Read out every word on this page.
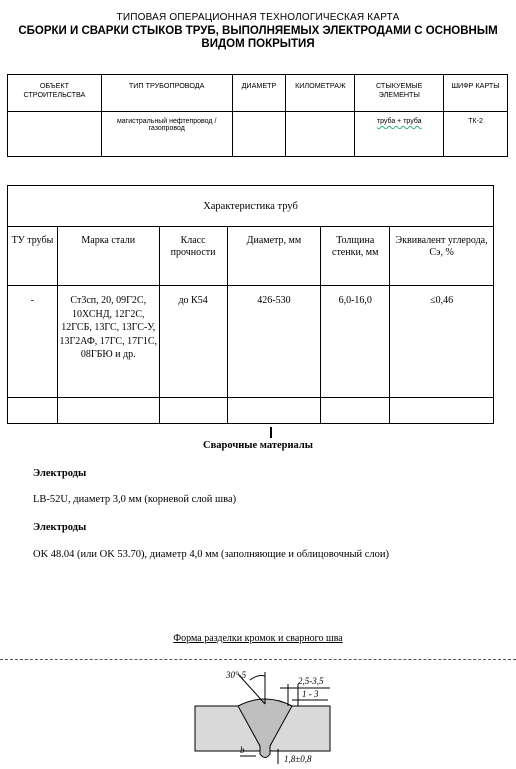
ТИПОВАЯ ОПЕРАЦИОННАЯ ТЕХНОЛОГИЧЕСКАЯ КАРТА
СБОРКИ И СВАРКИ СТЫКОВ ТРУБ, ВЫПОЛНЯЕМЫХ ЭЛЕКТРОДАМИ С ОСНОВНЫМ
ВИДОМ ПОКРЫТИЯ
ОБЪЕКТ СТРОИТЕЛЬСТВА	ТИП ТРУБОПРОВОДА	ДИАМЕТР	КИЛОМЕТРАЖ	СТЫКУЕМЫЕ ЭЛЕМЕНТЫ	ШИФР КАРТЫ
	магистральный нефтепровод /газопровод			труба + труба	ТК-2
Характеристика труб					
ТУ трубы	Марка стали	Класс прочности	Диаметр, мм	Толщина стенки, мм	Эквивалент углерода, Сэ, %
-	Ст3сп, 20, 09Г2С, 10ХСНД, 12Г2С, 12ГСБ, 13ГС, 13ГС-У, 13Г2АФ, 17ГС, 17Г1С, 08ГБЮ и др.	до К54	426-530	6,0-16,0	≤0,46

Сварочные материалы
Электроды
LB-52U, диаметр 3,0 мм (корневой слой шва)
Электроды
OK 48.04 (или OK 53.70), диаметр 4,0 мм (заполняющие и облицовочный слои)
Форма разделки кромок и сварного шва
30°-5
2,5-3,5
1 - 3
b
1,8±0,8
